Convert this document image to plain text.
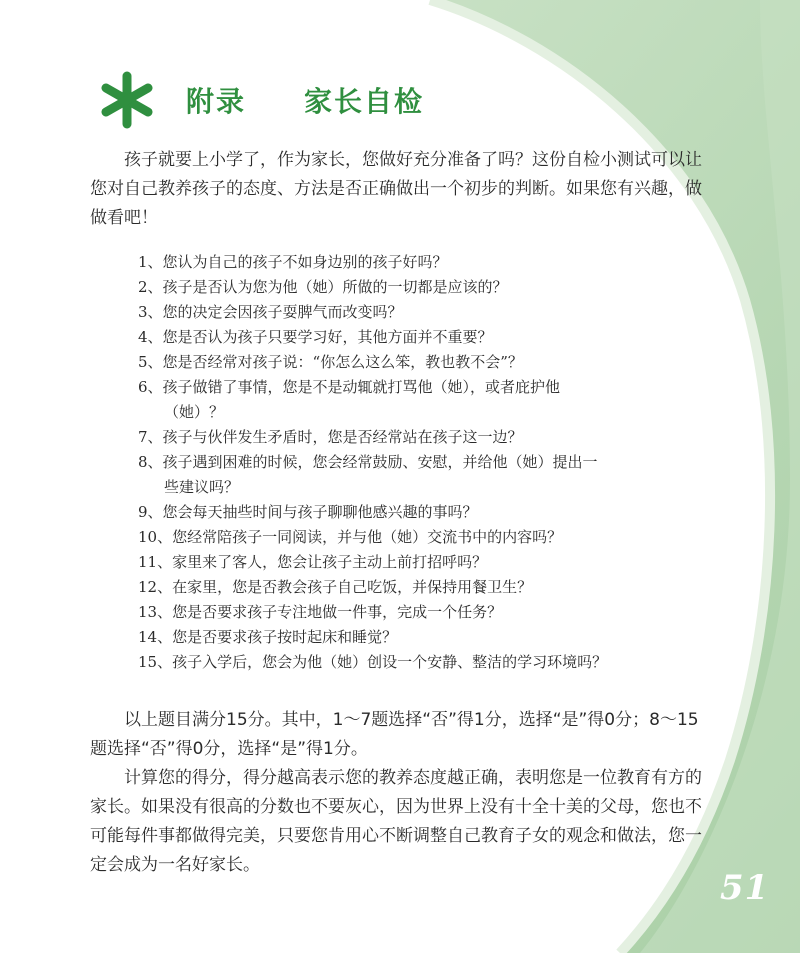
附录 家长自检

孩子就要上小学了，作为家长，您做好充分准备了吗？这份自检小测试可以让您对自己教养孩子的态度、方法是否正确做出一个初步的判断。如果您有兴趣，做做看吧！

1、您认为自己的孩子不如身边别的孩子好吗？
2、孩子是否认为您为他（她）所做的一切都是应该的？
3、您的决定会因孩子耍脾气而改变吗？
4、您是否认为孩子只要学习好，其他方面并不重要？
5、您是否经常对孩子说：“你怎么这么笨，教也教不会”？
6、孩子做错了事情，您是不是动辄就打骂他（她），或者庇护他
（她）？
7、孩子与伙伴发生矛盾时，您是否经常站在孩子这一边？
8、孩子遇到困难的时候，您会经常鼓励、安慰，并给他（她）提出一
些建议吗？
9、您会每天抽些时间与孩子聊聊他感兴趣的事吗？
10、您经常陪孩子一同阅读，并与他（她）交流书中的内容吗？
11、家里来了客人，您会让孩子主动上前打招呼吗？
12、在家里，您是否教会孩子自己吃饭，并保持用餐卫生？
13、您是否要求孩子专注地做一件事，完成一个任务？
14、您是否要求孩子按时起床和睡觉？
15、孩子入学后，您会为他（她）创设一个安静、整洁的学习环境吗？

以上题目满分15分。其中，1～7题选择“否”得1分，选择“是”得0分；8～15题选择“否”得0分，选择“是”得1分。

计算您的得分，得分越高表示您的教养态度越正确，表明您是一位教育有方的家长。如果没有很高的分数也不要灰心，因为世界上没有十全十美的父母，您也不可能每件事都做得完美，只要您肯用心不断调整自己教育子女的观念和做法，您一定会成为一名好家长。

51
